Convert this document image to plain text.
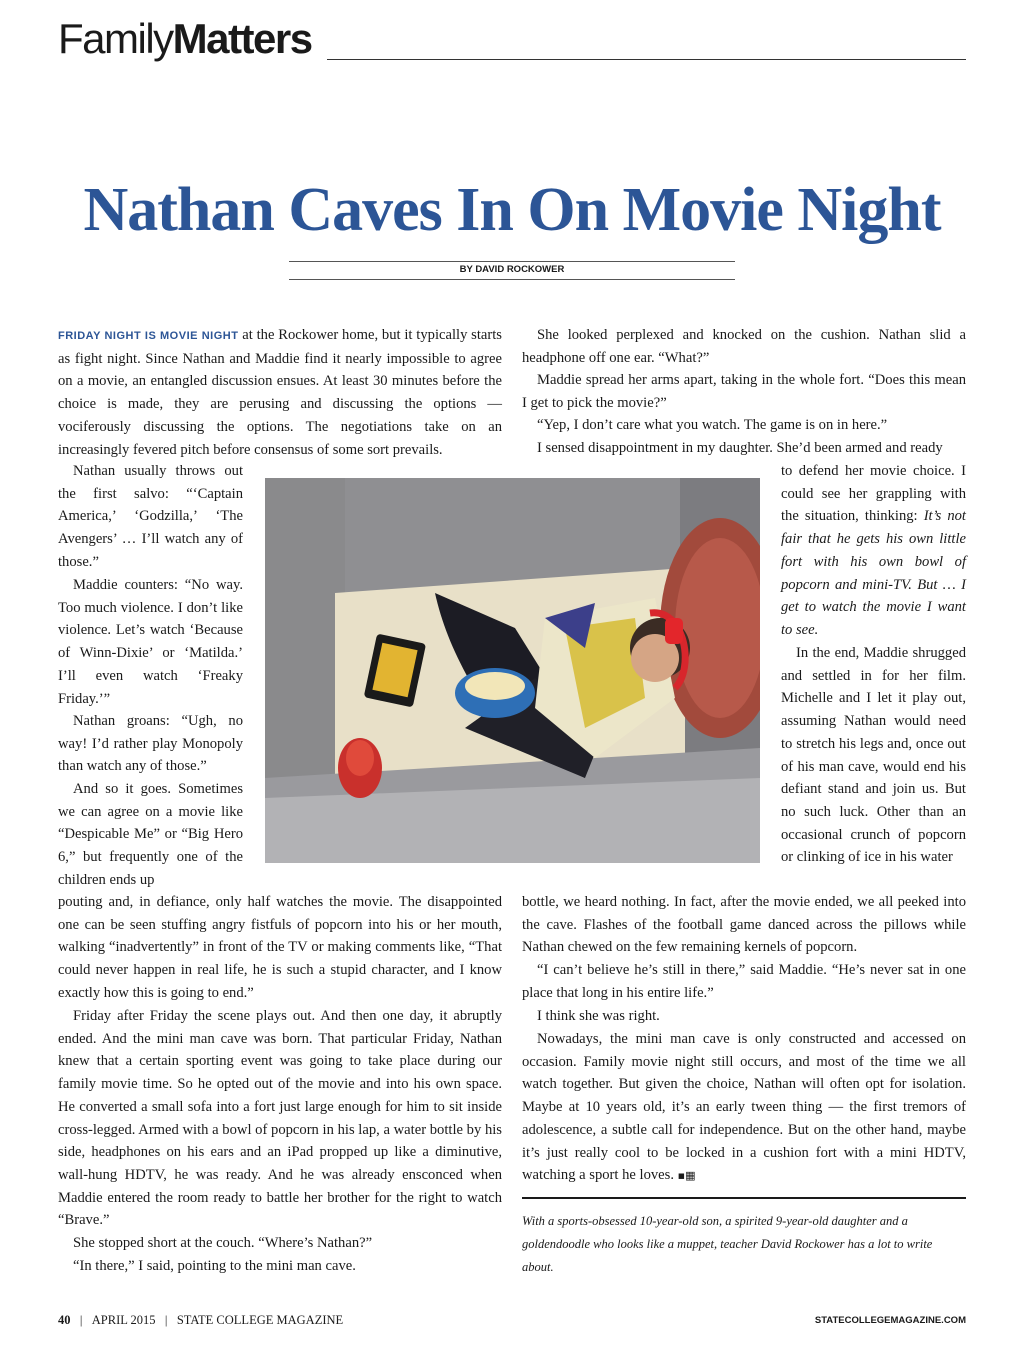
FamilyMatters
Nathan Caves In On Movie Night
BY DAVID ROCKOWER

FRIDAY NIGHT IS MOVIE NIGHT at the Rockower home, but it typically starts as fight night. Since Nathan and Maddie find it nearly impossible to agree on a movie, an entangled discussion ensues. At least 30 minutes before the choice is made, they are perusing and discussing the options — vociferously discussing the options. The negotiations take on an increasingly fevered pitch before consensus of some sort prevails.

Nathan usually throws out the first salvo: “‘Captain America,’ ‘Godzilla,’ ‘The Avengers’ … I’ll watch any of those.”

Maddie counters: “No way. Too much violence. I don’t like violence. Let’s watch ‘Because of Winn-Dixie’ or ‘Matilda.’ I’ll even watch ‘Freaky Friday.’”

Nathan groans: “Ugh, no way! I’d rather play Monopoly than watch any of those.”

And so it goes. Sometimes we can agree on a movie like “Despicable Me” or “Big Hero 6,” but frequently one of the children ends up

pouting and, in defiance, only half watches the movie. The disappointed one can be seen stuffing angry fistfuls of popcorn into his or her mouth, walking “inadvertently” in front of the TV or making comments like, “That could never happen in real life, he is such a stupid character, and I know exactly how this is going to end.”

Friday after Friday the scene plays out. And then one day, it abruptly ended. And the mini man cave was born. That particular Friday, Nathan knew that a certain sporting event was going to take place during our family movie time. So he opted out of the movie and into his own space. He converted a small sofa into a fort just large enough for him to sit inside cross-legged. Armed with a bowl of popcorn in his lap, a water bottle by his side, headphones on his ears and an iPad propped up like a diminutive, wall-hung HDTV, he was ready. And he was already ensconced when Maddie entered the room ready to battle her brother for the right to watch “Brave.”

She stopped short at the couch. “Where’s Nathan?”

“In there,” I said, pointing to the mini man cave.

She looked perplexed and knocked on the cushion. Nathan slid a headphone off one ear. “What?”

Maddie spread her arms apart, taking in the whole fort. “Does this mean I get to pick the movie?”

“Yep, I don’t care what you watch. The game is on in here.”

I sensed disappointment in my daughter. She’d been armed and ready

to defend her movie choice. I could see her grappling with the situation, thinking: It’s not fair that he gets his own little fort with his own bowl of popcorn and mini-TV. But … I get to watch the movie I want to see.

In the end, Maddie shrugged and settled in for her film. Michelle and I let it play out, assuming Nathan would need to stretch his legs and, once out of his man cave, would end his defiant stand and join us. But no such luck. Other than an occasional crunch of popcorn or clinking of ice in his water

bottle, we heard nothing. In fact, after the movie ended, we all peeked into the cave. Flashes of the football game danced across the pillows while Nathan chewed on the few remaining kernels of popcorn.

“I can’t believe he’s still in there,” said Maddie. “He’s never sat in one place that long in his entire life.”

I think she was right.

Nowadays, the mini man cave is only constructed and accessed on occasion. Family movie night still occurs, and most of the time we all watch together. But given the choice, Nathan will often opt for isolation. Maybe at 10 years old, it’s an early tween thing — the first tremors of adolescence, a subtle call for independence. But on the other hand, maybe it’s just really cool to be locked in a cushion fort with a mini HDTV, watching a sport he loves. ▪▦

With a sports-obsessed 10-year-old son, a spirited 9-year-old daughter and a goldendoodle who looks like a muppet, teacher David Rockower has a lot to write about.

40 | APRIL 2015 | STATE COLLEGE MAGAZINE	STATECOLLEGEMAGAZINE.COM
